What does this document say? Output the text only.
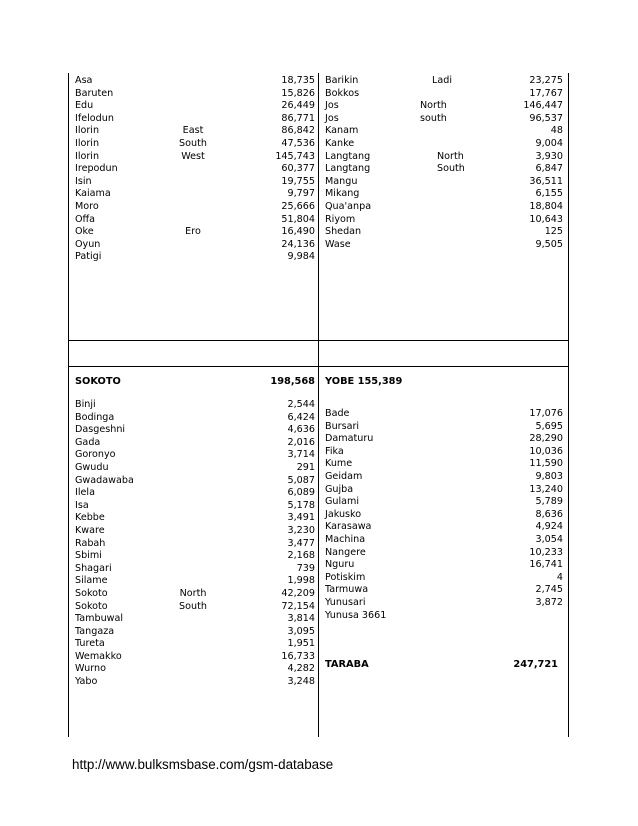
Asa	18,735
Baruten	15,826
Edu	26,449
Ifelodun	86,771
Ilorin	East	86,842
Ilorin	South	47,536
Ilorin	West	145,743
Irepodun	60,377
Isin	19,755
Kaiama	9,797
Moro	25,666
Offa	51,804
Oke	Ero	16,490
Oyun	24,136
Patigi	9,984
Barikin	Ladi	23,275
Bokkos	17,767
Jos	North	146,447
Jos	south	96,537
Kanam	48
Kanke	9,004
Langtang	North	3,930
Langtang	South	6,847
Mangu	36,511
Mikang	6,155
Qua'anpa	18,804
Riyom	10,643
Shedan	125
Wase	9,505
SOKOTO	198,568
Binji	2,544
Bodinga	6,424
Dasgeshni	4,636
Gada	2,016
Goronyo	3,714
Gwudu	291
Gwadawaba	5,087
Ilela	6,089
Isa	5,178
Kebbe	3,491
Kware	3,230
Rabah	3,477
Sbimi	2,168
Shagari	739
Silame	1,998
Sokoto	North	42,209
Sokoto	South	72,154
Tambuwal	3,814
Tangaza	3,095
Tureta	1,951
Wemakko	16,733
Wurno	4,282
Yabo	3,248
YOBE 155,389
Bade	17,076
Bursari	5,695
Damaturu	28,290
Fika	10,036
Kume	11,590
Geidam	9,803
Gujba	13,240
Gulami	5,789
Jakusko	8,636
Karasawa	4,924
Machina	3,054
Nangere	10,233
Nguru	16,741
Potiskim	4
Tarmuwa	2,745
Yunusari	3,872
Yunusa 3661
TARABA	247,721
http://www.bulksmsbase.com/gsm-database
